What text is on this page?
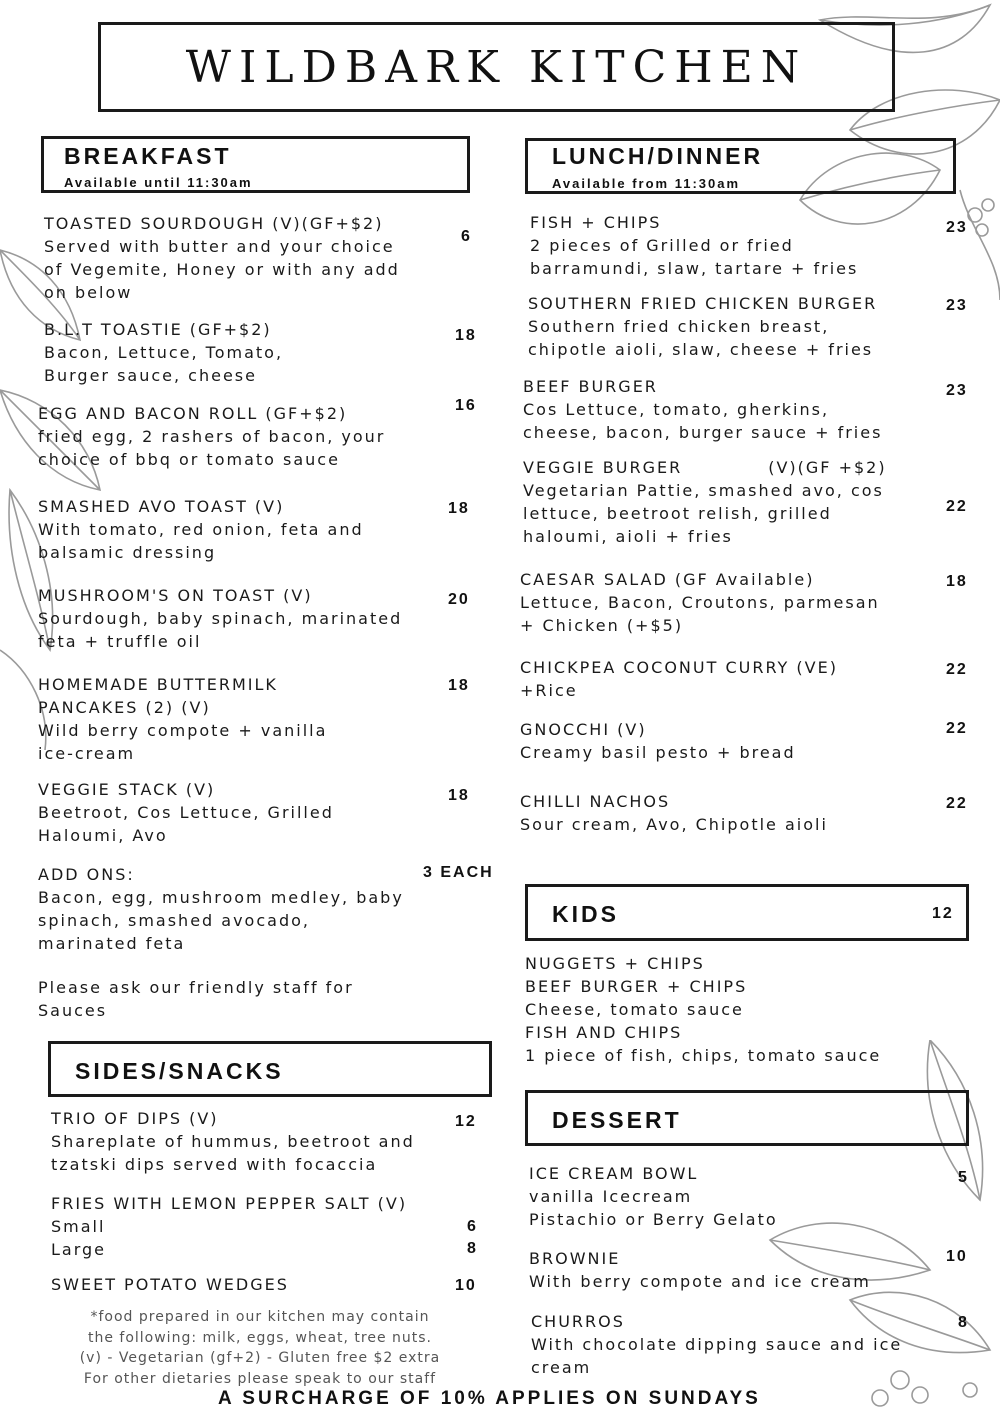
WILDBARK KITCHEN
BREAKFAST
Available until 11:30am
LUNCH/DINNER
Available from 11:30am
TOASTED SOURDOUGH (V)(GF+$2)
Served with butter and your choice
of Vegemite, Honey or with any add
on below
6
B.L.T TOASTIE (GF+$2)
Bacon, Lettuce, Tomato,
Burger sauce, cheese
18
EGG AND BACON ROLL (GF+$2)
fried egg, 2 rashers of bacon, your
choice of bbq or tomato sauce
16
SMASHED AVO TOAST (V)
With tomato, red onion, feta and
balsamic dressing
18
MUSHROOM'S ON TOAST (V)
Sourdough, baby spinach, marinated
feta + truffle oil
20
HOMEMADE BUTTERMILK
PANCAKES (2) (V)
Wild berry compote + vanilla
ice-cream
18
VEGGIE STACK (V)
Beetroot, Cos Lettuce, Grilled
Haloumi, Avo
18
ADD ONS:
Bacon, egg, mushroom medley, baby
spinach, smashed avocado,
marinated feta
3 EACH
Please ask our friendly staff for
Sauces
SIDES/SNACKS
TRIO OF DIPS (V)
Shareplate of hummus, beetroot and
tzatski dips served with focaccia
12
FRIES WITH LEMON PEPPER SALT (V)
Small
Large
6
8
SWEET POTATO WEDGES	10
*food prepared in our kitchen may contain
the following: milk, eggs, wheat, tree nuts.
(v) - Vegetarian (gf+2) - Gluten free $2 extra
For other dietaries please speak to our staff
FISH + CHIPS
2 pieces of Grilled or fried
barramundi, slaw, tartare + fries
23
SOUTHERN FRIED CHICKEN BURGER
Southern fried chicken breast,
chipotle aioli, slaw, cheese + fries
23
BEEF BURGER
Cos Lettuce, tomato, gherkins,
cheese, bacon, burger sauce + fries
23
VEGGIE BURGER	(V)(GF +$2)
Vegetarian Pattie, smashed avo, cos
lettuce, beetroot relish, grilled
haloumi, aioli + fries
22
CAESAR SALAD (GF Available)
Lettuce, Bacon, Croutons, parmesan
+ Chicken (+$5)
18
CHICKPEA COCONUT CURRY (VE)
+Rice
22
GNOCCHI (V)
Creamy basil pesto + bread
22
CHILLI NACHOS
Sour cream, Avo, Chipotle aioli
22
KIDS	12
NUGGETS + CHIPS
BEEF BURGER + CHIPS
Cheese, tomato sauce
FISH AND CHIPS
1 piece of fish, chips, tomato sauce
DESSERT
ICE CREAM BOWL
vanilla Icecream
Pistachio or Berry Gelato
5
BROWNIE
With berry compote and ice cream
10
CHURROS
With chocolate dipping sauce and ice
cream
8
A SURCHARGE OF 10% APPLIES ON SUNDAYS
